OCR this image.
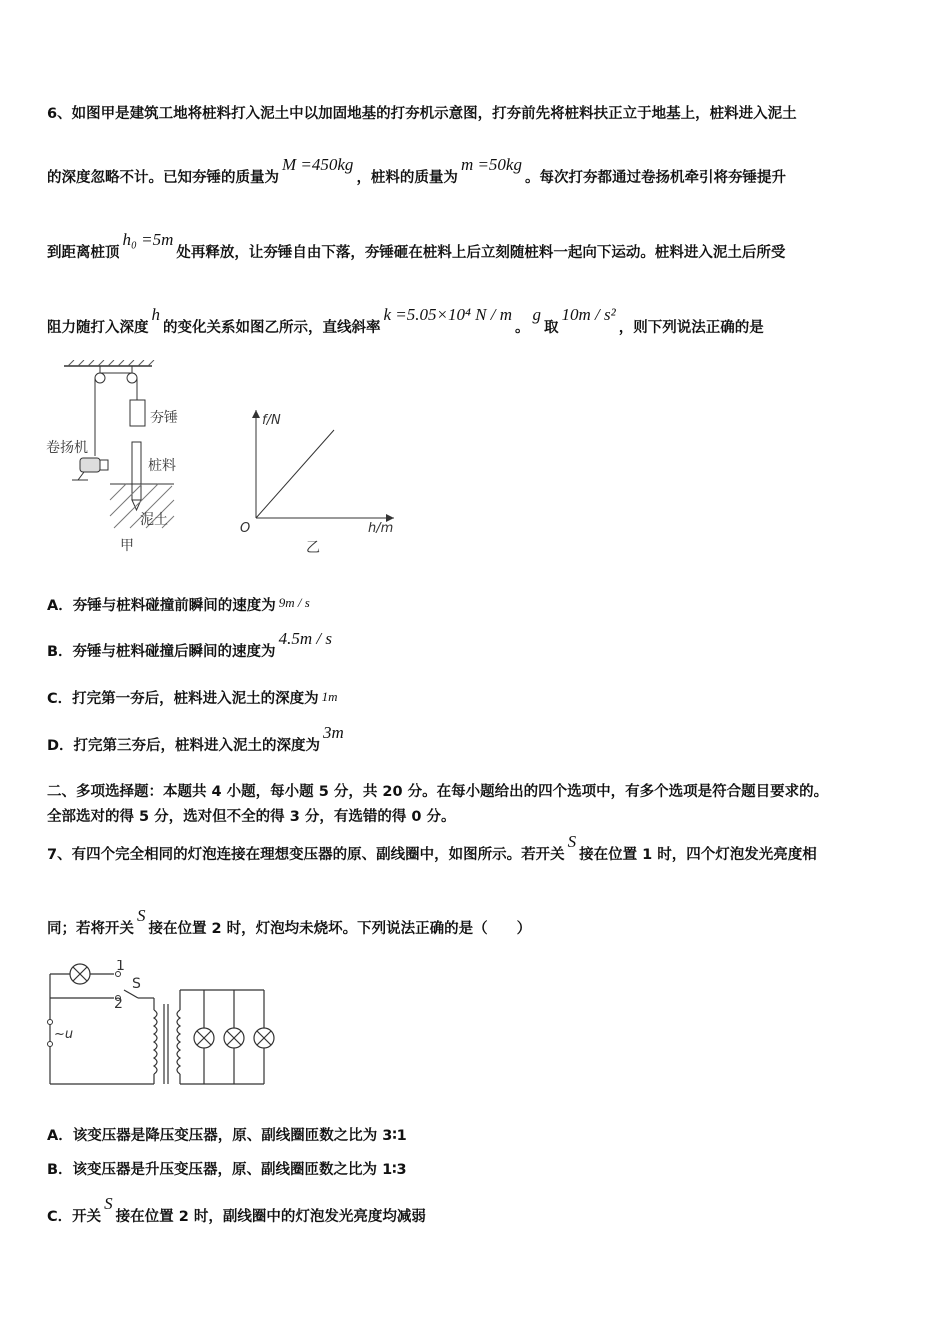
6、如图甲是建筑工地将桩料打入泥土中以加固地基的打夯机示意图，打夯前先将桩料扶正立于地基上，桩料进入泥土
的深度忽略不计。已知夯锤的质量为M =450kg，桩料的质量为m =50kg。每次打夯都通过卷扬机牵引将夯锤提升
到距离桩顶h₀ =5m处再释放，让夯锤自由下落，夯锤砸在桩料上后立刻随桩料一起向下运动。桩料进入泥土后所受
阻力随打入深度h的变化关系如图乙所示，直线斜率k =5.05×10⁴ N / m。g取10m / s²，则下列说法正确的是
夯锤
卷扬机
桩料
泥土
甲
f/N
h/m
O
乙
A．夯锤与桩料碰撞前瞬间的速度为 9m / s
B．夯锤与桩料碰撞后瞬间的速度为4.5m / s
C．打完第一夯后，桩料进入泥土的深度为 1m
D．打完第三夯后，桩料进入泥土的深度为3m
二、多项选择题：本题共 4 小题，每小题 5 分，共 20 分。在每小题给出的四个选项中，有多个选项是符合题目要求的。
全部选对的得 5 分，选对但不全的得 3 分，有选错的得 0 分。
7、有四个完全相同的灯泡连接在理想变压器的原、副线圈中，如图所示。若开关S接在位置 1 时，四个灯泡发光亮度相
同；若将开关S接在位置 2 时，灯泡均未烧坏。下列说法正确的是（　　）
1
2
S
~u
A．该变压器是降压变压器，原、副线圈匝数之比为 3∶1
B．该变压器是升压变压器，原、副线圈匝数之比为 1∶3
C．开关S接在位置 2 时，副线圈中的灯泡发光亮度均减弱
